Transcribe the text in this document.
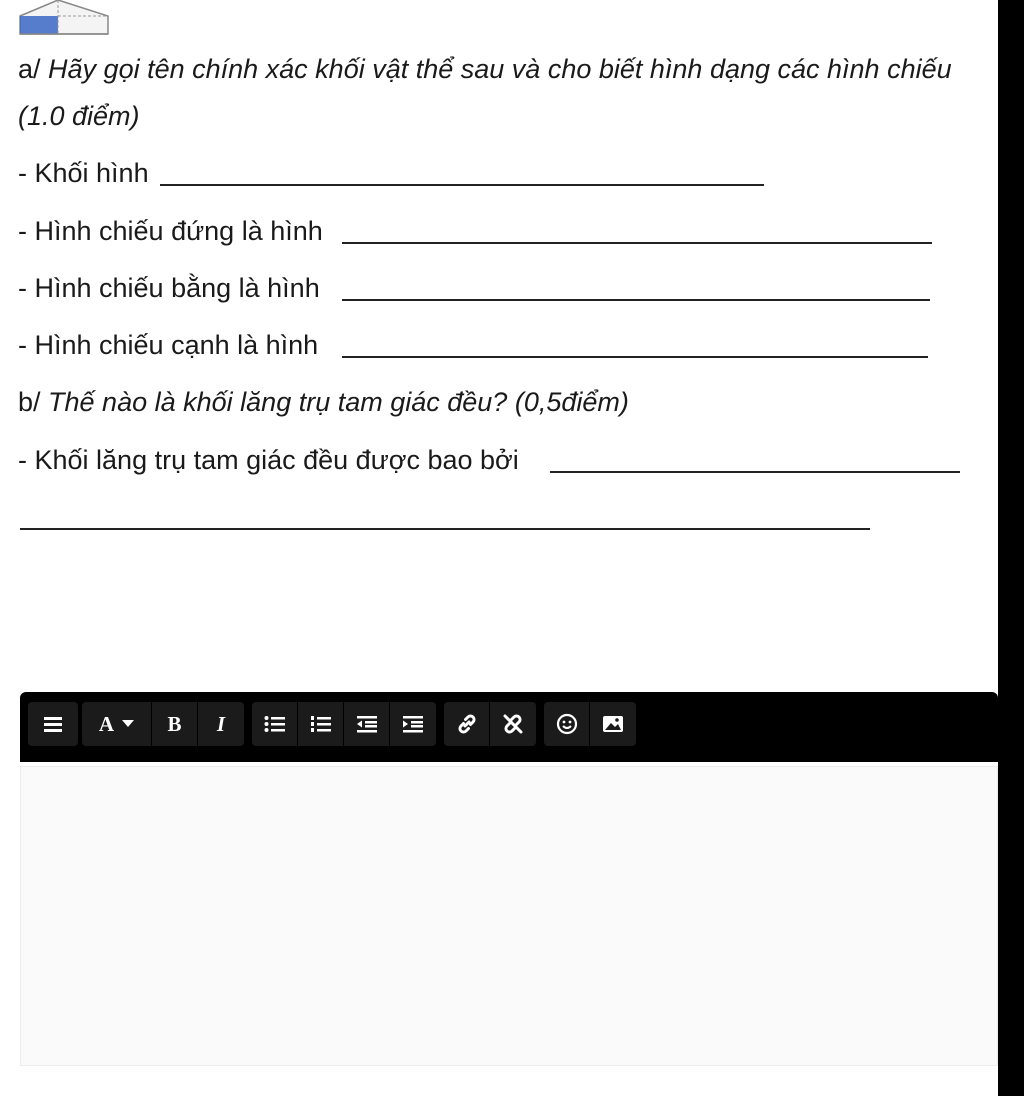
a/ Hãy gọi tên chính xác khối vật thể sau và cho biết hình dạng các hình chiếu
(1.0 điểm)
- Khối hình
- Hình chiếu đứng là hình
- Hình chiếu bằng là hình
- Hình chiếu cạnh là hình
b/ Thế nào là khối lăng trụ tam giác đều? (0,5điểm)
- Khối lăng trụ tam giác đều được bao bởi
A	B	I
